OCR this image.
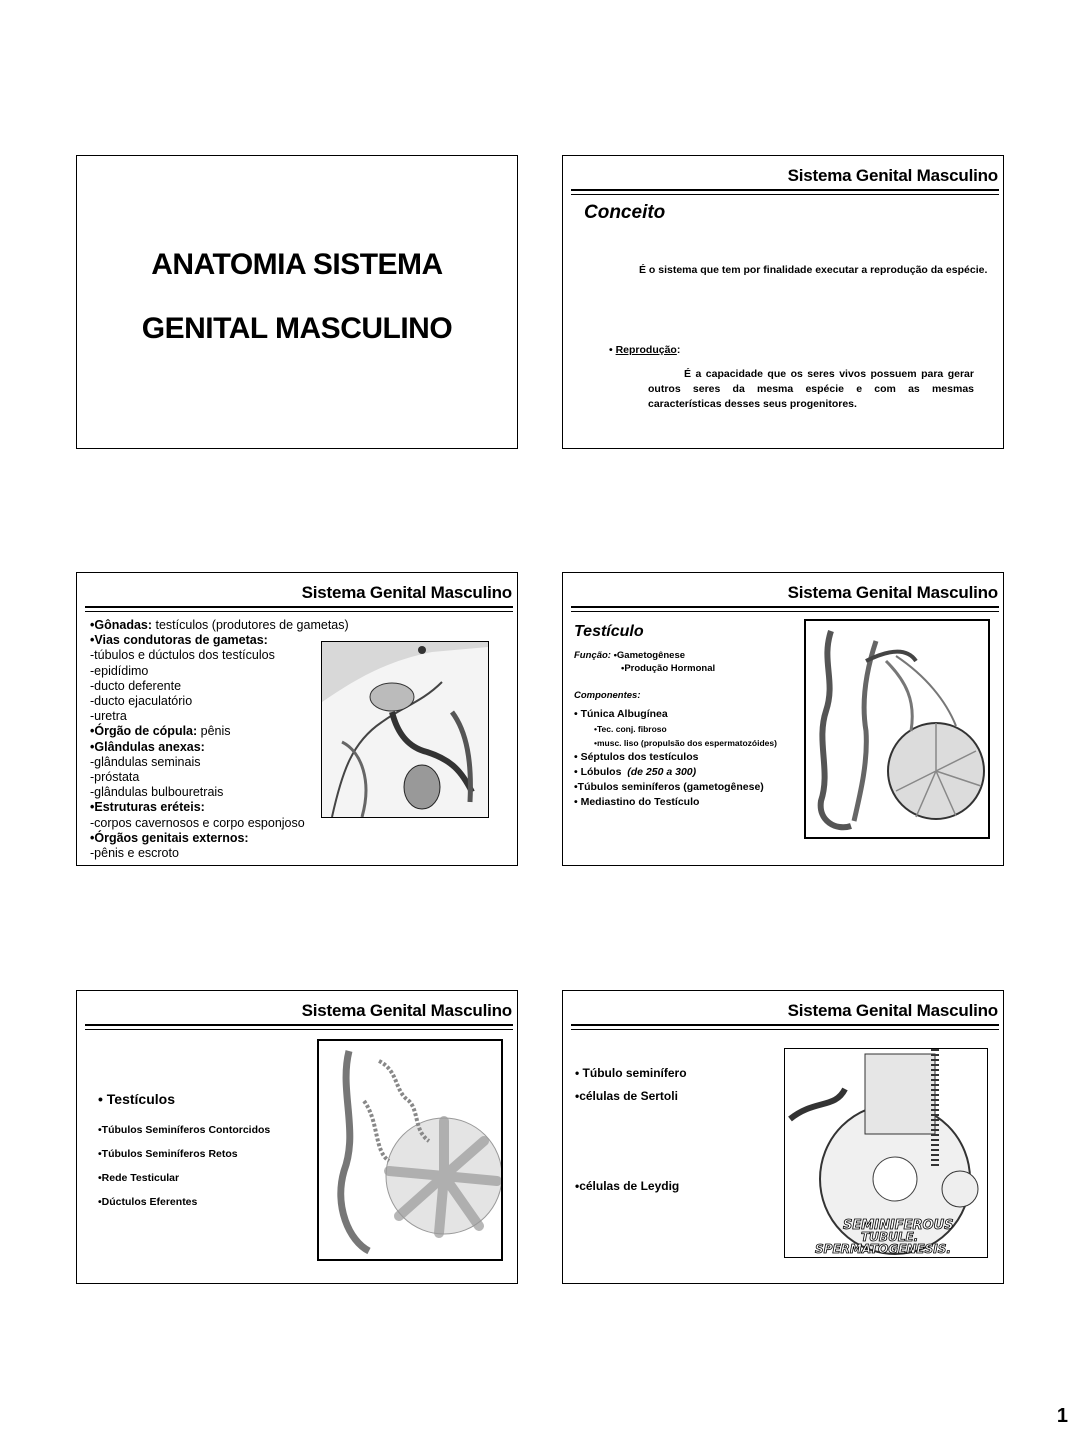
ANATOMIA SISTEMA
GENITAL MASCULINO
Sistema Genital Masculino
Conceito
É o sistema que tem por finalidade executar a reprodução da espécie.
• Reprodução:
É a capacidade que os seres vivos possuem para gerar outros seres da mesma espécie e com as mesmas características desses seus progenitores.
Sistema Genital Masculino
•Gônadas: testículos (produtores de gametas)
•Vias condutoras de gametas:
-túbulos e dúctulos dos testículos
-epidídimo
-ducto deferente
-ducto ejaculatório
-uretra
•Órgão de cópula: pênis
•Glândulas anexas:
-glândulas seminais
-próstata
-glândulas bulbouretrais
•Estruturas eréteis:
-corpos cavernosos e corpo esponjoso
•Órgãos genitais externos:
-pênis e escroto
Sistema Genital Masculino
Testículo
Função: •Gametogênese
•Produção Hormonal
Componentes:
• Túnica Albugínea
•Tec. conj. fibroso
•musc. liso (propulsão dos espermatozóides)
• Séptulos dos testículos
• Lóbulos (de 250 a 300)
•Túbulos seminíferos (gametogênese)
• Mediastino do Testículo
Sistema Genital Masculino
• Testículos
•Túbulos Seminíferos Contorcidos
•Túbulos Seminíferos Retos
•Rede Testicular
•Dúctulos Eferentes
Sistema Genital Masculino
• Túbulo seminífero
•células de Sertoli
•células de Leydig
SEMINIFEROUS
TUBULE.
SPERMATOGENESIS.
1
